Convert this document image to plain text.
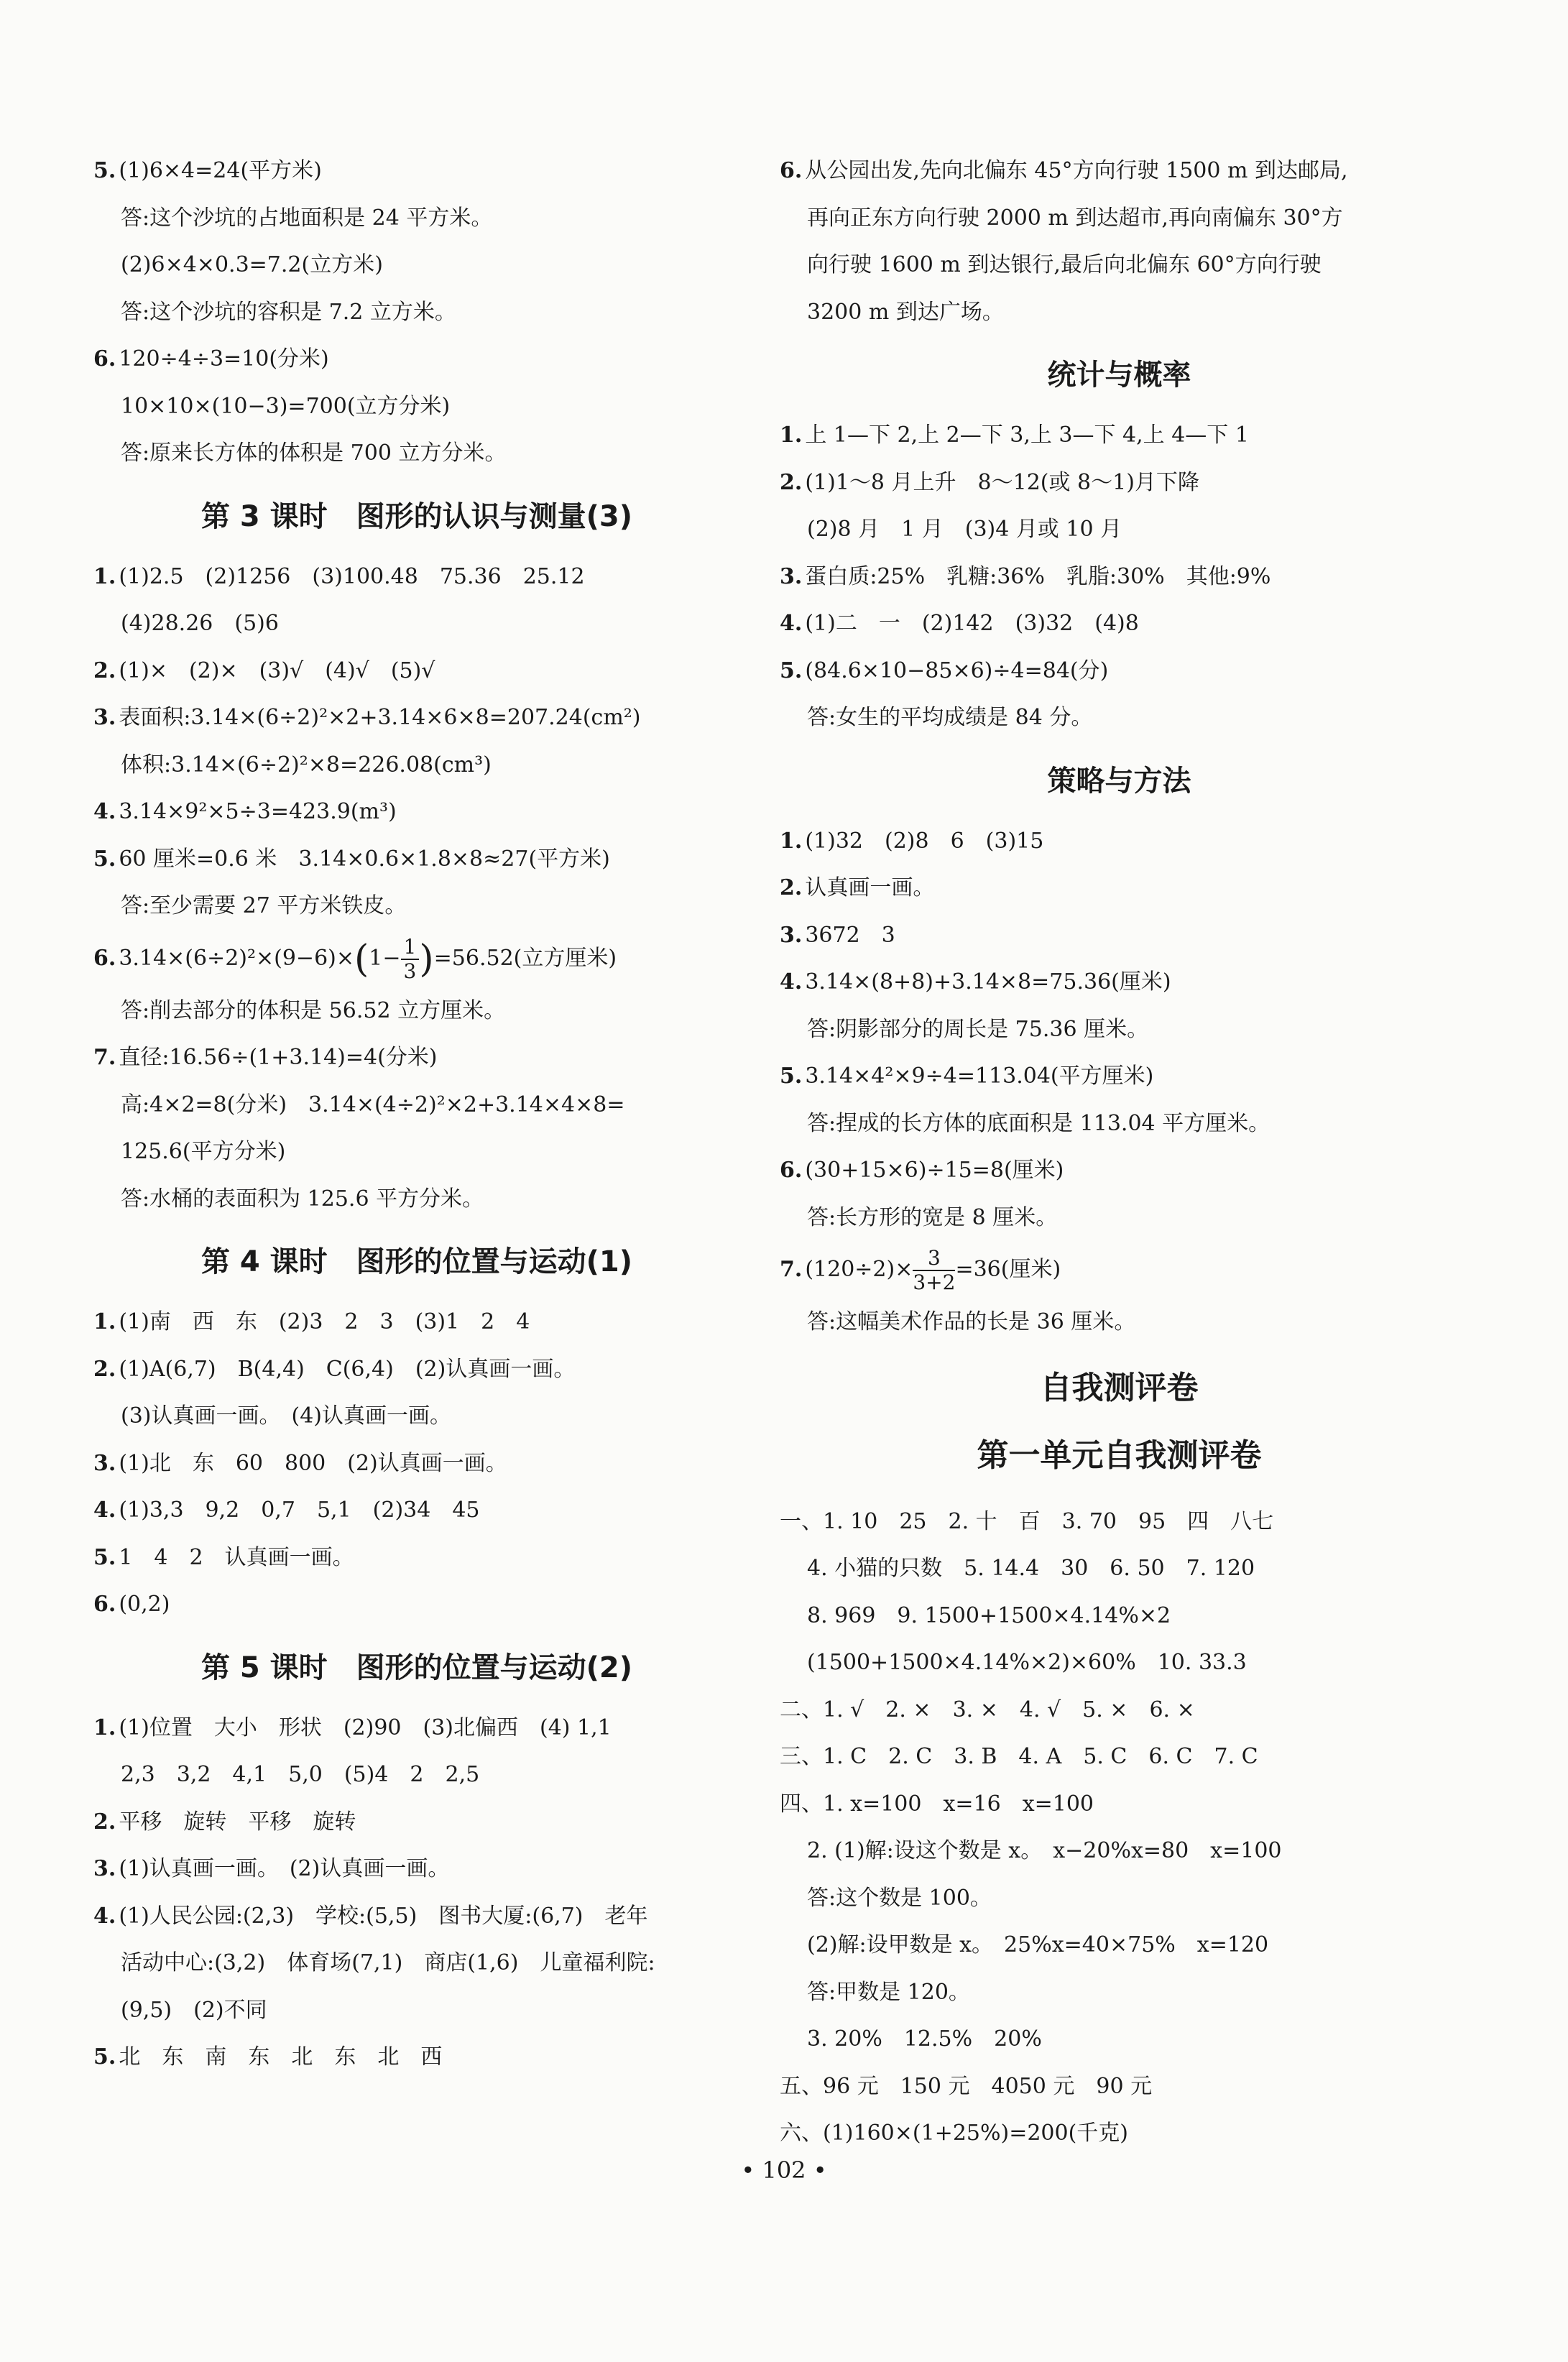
5. (1)6×4=24(平方米)
答:这个沙坑的占地面积是 24 平方米。
(2)6×4×0.3=7.2(立方米)
答:这个沙坑的容积是 7.2 立方米。
6. 120÷4÷3=10(分米)
10×10×(10−3)=700(立方分米)
答:原来长方体的体积是 700 立方分米。
第 3 课时　图形的认识与测量(3)
1. (1)2.5　(2)1256　(3)100.48　75.36　25.12
(4)28.26　(5)6
2. (1)×　(2)×　(3)√　(4)√　(5)√
3. 表面积:3.14×(6÷2)²×2+3.14×6×8=207.24(cm²)
体积:3.14×(6÷2)²×8=226.08(cm³)
4. 3.14×9²×5÷3=423.9(m³)
5. 60 厘米=0.6 米　3.14×0.6×1.8×8≈27(平方米)
答:至少需要 27 平方米铁皮。
6. $3.14\times(6\div 2)^2\times(9-6)\times(1- \frac{1}{3} )=56.52$(立方厘米)
答:削去部分的体积是 56.52 立方厘米。
7. 直径:16.56÷(1+3.14)=4(分米)
高:4×2=8(分米)　3.14×(4÷2)²×2+3.14×4×8=
125.6(平方分米)
答:水桶的表面积为 125.6 平方分米。
第 4 课时　图形的位置与运动(1)
1. (1)南　西　东　(2)3　2　3　(3)1　2　4
2. (1)A(6,7)　B(4,4)　C(6,4)　(2)认真画一画。
(3)认真画一画。　(4)认真画一画。
3. (1)北　东　60　800　(2)认真画一画。
4. (1)3,3　9,2　0,7　5,1　(2)34　45
5. 1　4　2　认真画一画。
6. (0,2)
第 5 课时　图形的位置与运动(2)
1. (1)位置　大小　形状　(2)90　(3)北偏西　(4) 1,1
2,3　3,2　4,1　5,0　(5)4　2　2,5
2. 平移　旋转　平移　旋转
3. (1)认真画一画。　(2)认真画一画。
4. (1)人民公园:(2,3)　学校:(5,5)　图书大厦:(6,7)　老年
活动中心:(3,2)　体育场(7,1)　商店(1,6)　儿童福利院:
(9,5)　(2)不同
5. 北　东　南　东　北　东　北　西
6. 从公园出发,先向北偏东 45°方向行驶 1500 m 到达邮局,
再向正东方向行驶 2000 m 到达超市,再向南偏东 30°方
向行驶 1600 m 到达银行,最后向北偏东 60°方向行驶
3200 m 到达广场。
统计与概率
1. 上 1—下 2,上 2—下 3,上 3—下 4,上 4—下 1
2. (1)1～8 月上升　8～12(或 8～1)月下降
(2)8 月　1 月　(3)4 月或 10 月
3. 蛋白质:25%　乳糖:36%　乳脂:30%　其他:9%
4. (1)二　一　(2)142　(3)32　(4)8
5. (84.6×10−85×6)÷4=84(分)
答:女生的平均成绩是 84 分。
策略与方法
1. (1)32　(2)8　6　(3)15
2. 认真画一画。
3. 3672　3
4. 3.14×(8+8)+3.14×8=75.36(厘米)
答:阴影部分的周长是 75.36 厘米。
5. 3.14×4²×9÷4=113.04(平方厘米)
答:捏成的长方体的底面积是 113.04 平方厘米。
6. (30+15×6)÷15=8(厘米)
答:长方形的宽是 8 厘米。
7. $(120\div 2)\times \frac{3}{3+2} =36$(厘米)
答:这幅美术作品的长是 36 厘米。
自我测评卷
第一单元自我测评卷
一、1. 10　25　2. 十　百　3. 70　95　四　八七
4. 小猫的只数　5. 14.4　30　6. 50　7. 120
8. 969　9. 1500+1500×4.14%×2
(1500+1500×4.14%×2)×60%　10. 33.3
二、1. √　2. ×　3. ×　4. √　5. ×　6. ×
三、1. C　2. C　3. B　4. A　5. C　6. C　7. C
四、1. x=100　x=16　x=100
2. (1)解:设这个数是 x。　x−20%x=80　x=100
答:这个数是 100。
(2)解:设甲数是 x。　25%x=40×75%　x=120
答:甲数是 120。
3. 20%　12.5%　20%
五、96 元　150 元　4050 元　90 元
六、(1)160×(1+25%)=200(千克)
• 102 •
